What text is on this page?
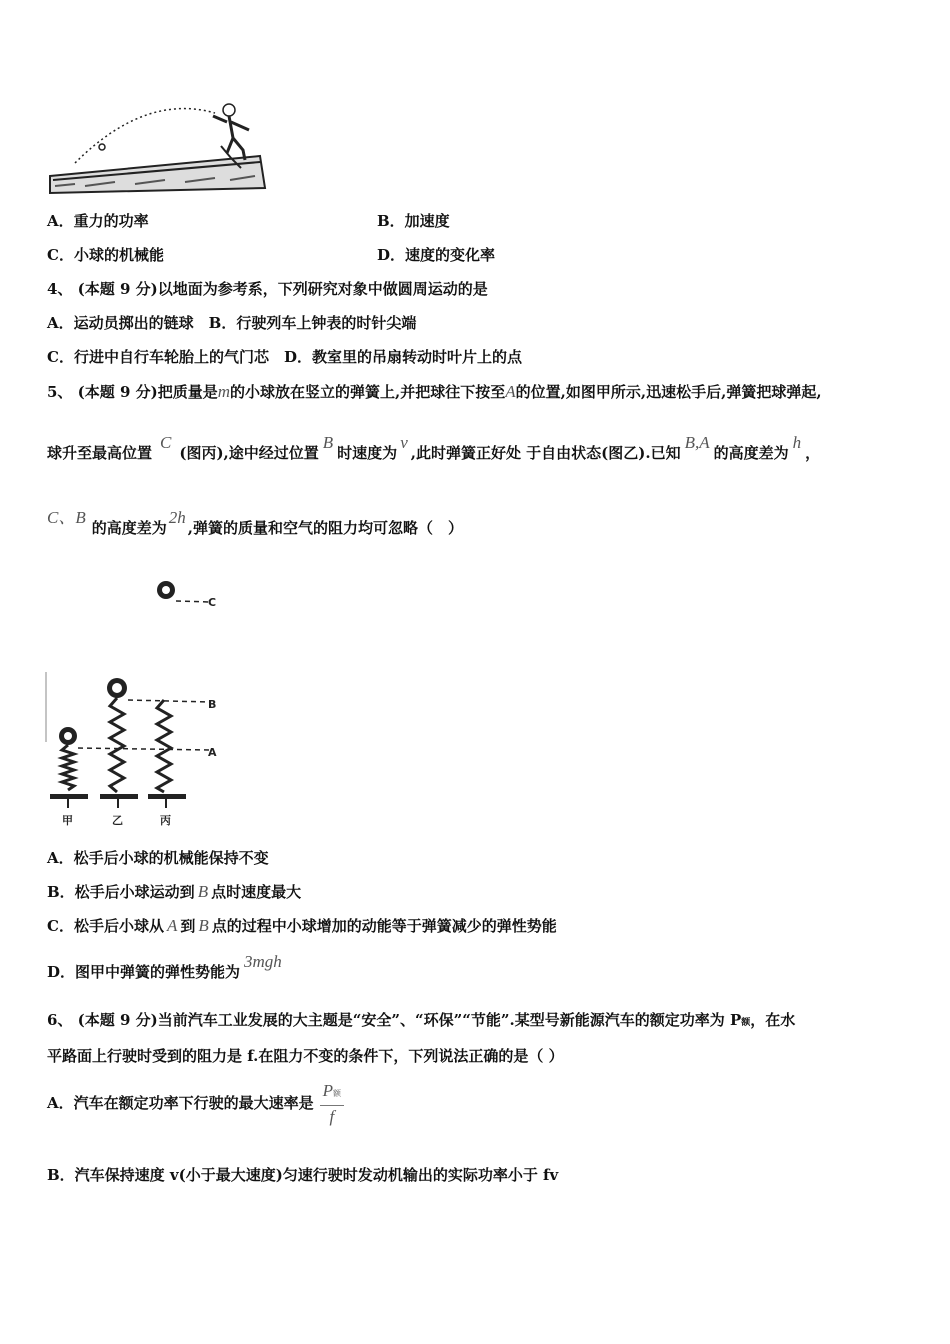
A．重力的功率	B．加速度
C．小球的机械能	D．速度的变化率
4、 (本题 9 分)以地面为参考系，下列研究对象中做圆周运动的是
A．运动员掷出的链球　B．行驶列车上钟表的时针尖端
C．行进中自行车轮胎上的气门芯　D．教室里的吊扇转动时叶片上的点
5、 (本题 9 分)把质量是m的小球放在竖立的弹簧上,并把球往下按至A的位置,如图甲所示,迅速松手后,弹簧把球弹起,
球升至最高位置C(图丙),途中经过位置B时速度为v,此时弹簧正好处 于自由状态(图乙).已知B,A的高度差为h，
C、B的高度差为2h,弹簧的质量和空气的阻力均可忽略（　）
C
B
A
甲	乙	丙
A．松手后小球的机械能保持不变
B．松手后小球运动到 B 点时速度最大
C．松手后小球从 A 到 B 点的过程中小球增加的动能等于弹簧减少的弹性势能
D．图甲中弹簧的弹性势能为3mgh
6、 (本题 9 分)当前汽车工业发展的大主题是“安全”、“环保”“节能”.某型号新能源汽车的额定功率为 P额，在水
平路面上行驶时受到的阻力是 f.在阻力不变的条件下，下列说法正确的是（ ）
A．汽车在额定功率下行驶的最大速率是 $\frac{\text{P额}}{f}$
B．汽车保持速度 v(小于最大速度)匀速行驶时发动机输出的实际功率小于 fv
